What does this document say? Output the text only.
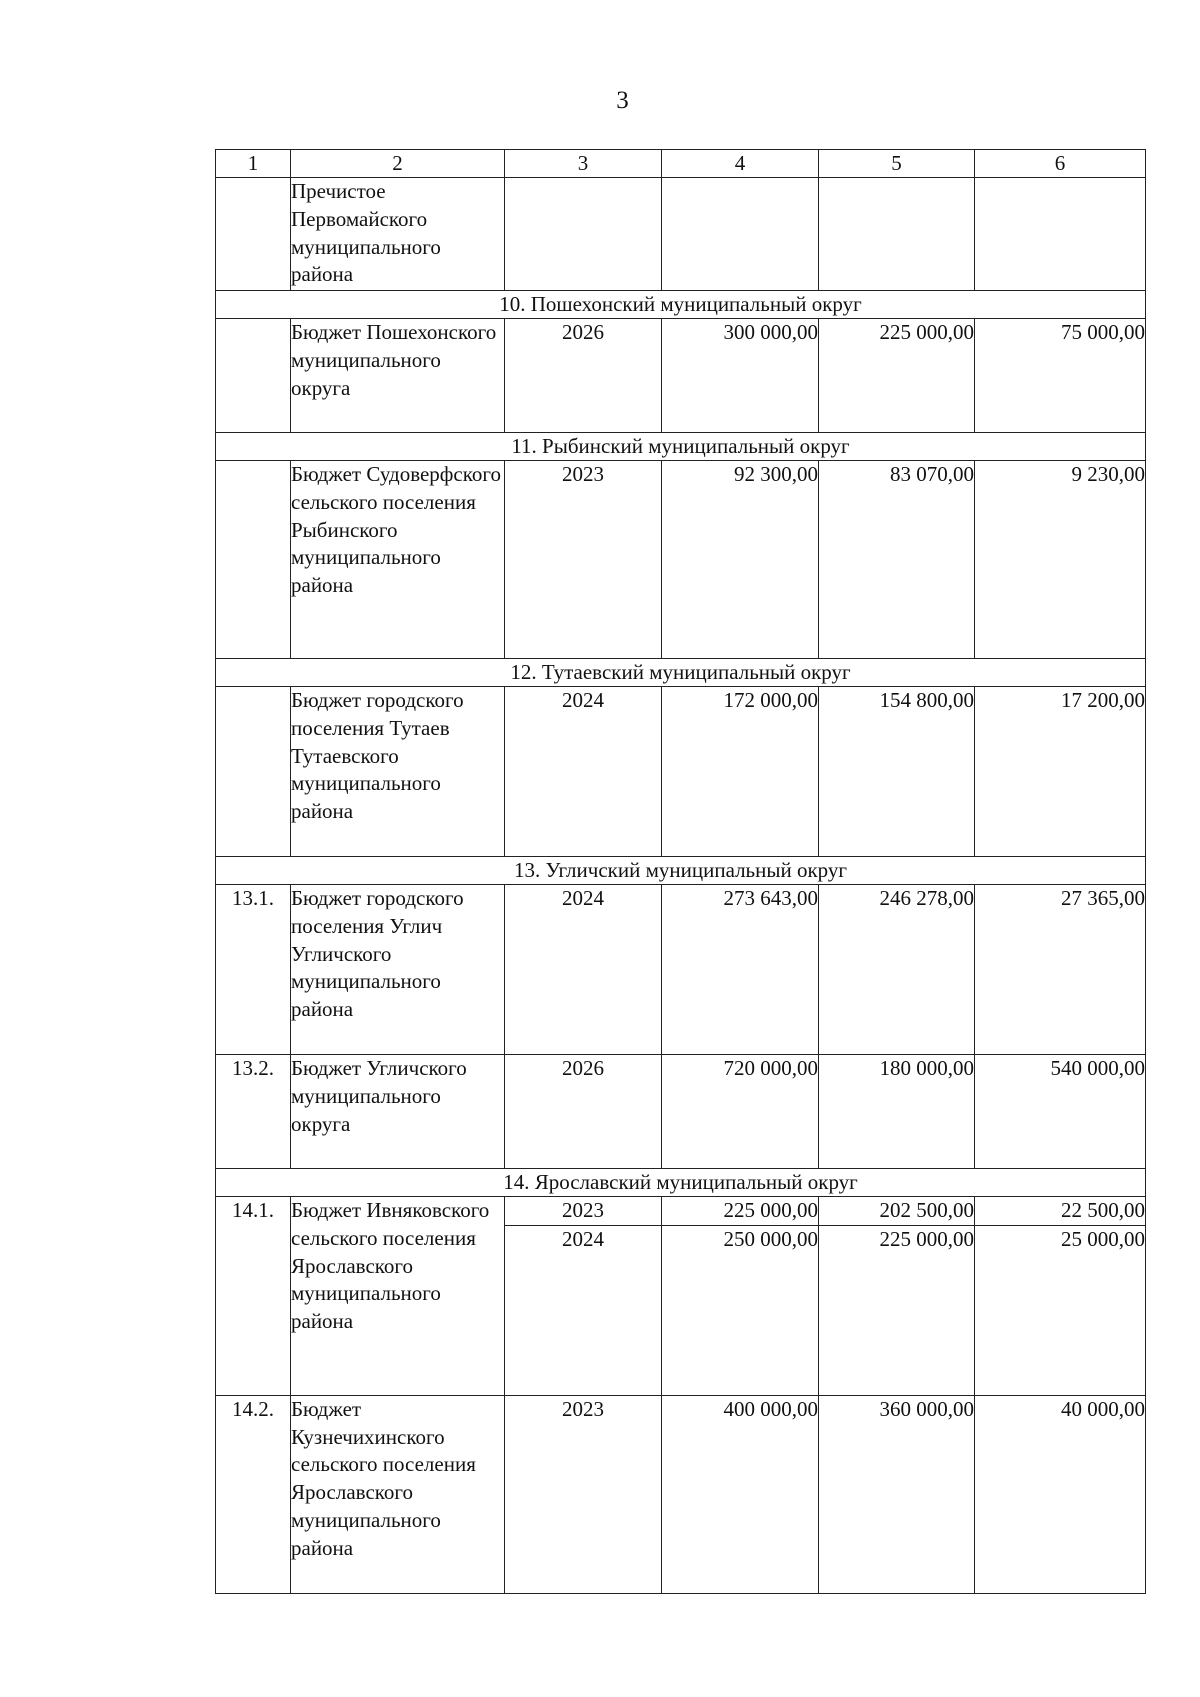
3
1	2	3	4	5	6
	Пречистое Первомайского муниципального района				
10. Пошехонский муниципальный округ					
	Бюджет Пошехонского муниципального округа	2026	300 000,00	225 000,00	75 000,00
11. Рыбинский муниципальный округ					
	Бюджет Судоверфского сельского поселения Рыбинского муниципального района	2023	92 300,00	83 070,00	9 230,00
12. Тутаевский муниципальный округ					
	Бюджет городского поселения Тутаев Тутаевского муниципального района	2024	172 000,00	154 800,00	17 200,00
13. Угличский муниципальный округ					
13.1.	Бюджет городского поселения Углич Угличского муниципального района	2024	273 643,00	246 278,00	27 365,00
13.2.	Бюджет Угличского муниципального округа	2026	720 000,00	180 000,00	540 000,00
14. Ярославский муниципальный округ					
14.1.	Бюджет Ивняковского сельского поселения Ярославского муниципального района	2023	225 000,00	202 500,00	22 500,00
		2024	250 000,00	225 000,00	25 000,00
14.2.	Бюджет Кузнечихинского сельского поселения Ярославского муниципального района	2023	400 000,00	360 000,00	40 000,00
